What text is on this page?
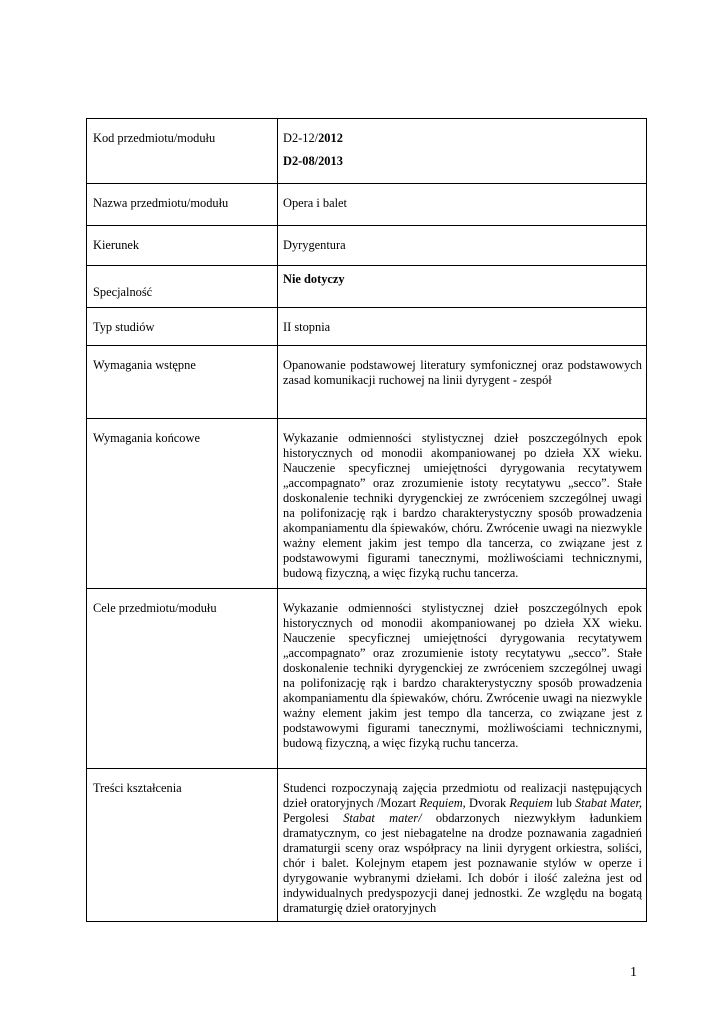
Kod przedmiotu/modułu	D2-12/2012

D2-08/2013

Nazwa przedmiotu/modułu	Opera i balet
Kierunek	Dyrygentura
Specjalność	Nie dotyczy
Typ studiów	II stopnia
Wymagania wstępne	Opanowanie podstawowej literatury symfonicznej oraz podstawowych zasad komunikacji ruchowej na linii dyrygent - zespół
Wymagania końcowe	Wykazanie odmienności stylistycznej dzieł poszczególnych epok historycznych od monodii akompaniowanej po dzieła XX wieku. Nauczenie specyficznej umiejętności dyrygowania recytatywem „accompagnato” oraz zrozumienie istoty recytatywu „secco”. Stałe doskonalenie techniki dyrygenckiej ze zwróceniem szczególnej uwagi na polifonizację rąk i bardzo charakterystyczny sposób prowadzenia akompaniamentu dla śpiewaków, chóru. Zwrócenie uwagi na niezwykle ważny element jakim jest tempo dla tancerza, co związane jest z podstawowymi figurami tanecznymi, możliwościami technicznymi, budową fizyczną, a więc fizyką ruchu tancerza.
Cele przedmiotu/modułu	Wykazanie odmienności stylistycznej dzieł poszczególnych epok historycznych od monodii akompaniowanej po dzieła XX wieku. Nauczenie specyficznej umiejętności dyrygowania recytatywem „accompagnato” oraz zrozumienie istoty recytatywu „secco”. Stałe doskonalenie techniki dyrygenckiej ze zwróceniem szczególnej uwagi na polifonizację rąk i bardzo charakterystyczny sposób prowadzenia akompaniamentu dla śpiewaków, chóru. Zwrócenie uwagi na niezwykle ważny element jakim jest tempo dla tancerza, co związane jest z podstawowymi figurami tanecznymi, możliwościami technicznymi, budową fizyczną, a więc fizyką ruchu tancerza.
Treści kształcenia	Studenci rozpoczynają zajęcia przedmiotu od realizacji następujących dzieł oratoryjnych /Mozart Requiem, Dvorak Requiem lub Stabat Mater, Pergolesi Stabat mater/ obdarzonych niezwykłym ładunkiem dramatycznym, co jest niebagatelne na drodze poznawania zagadnień dramaturgii sceny oraz współpracy na linii dyrygent orkiestra, soliści, chór i balet. Kolejnym etapem jest poznawanie stylów w operze i dyrygowanie wybranymi dziełami. Ich dobór i ilość zależna jest od indywidualnych predyspozycji danej jednostki. Ze względu na bogatą dramaturgię dzieł oratoryjnych
1
